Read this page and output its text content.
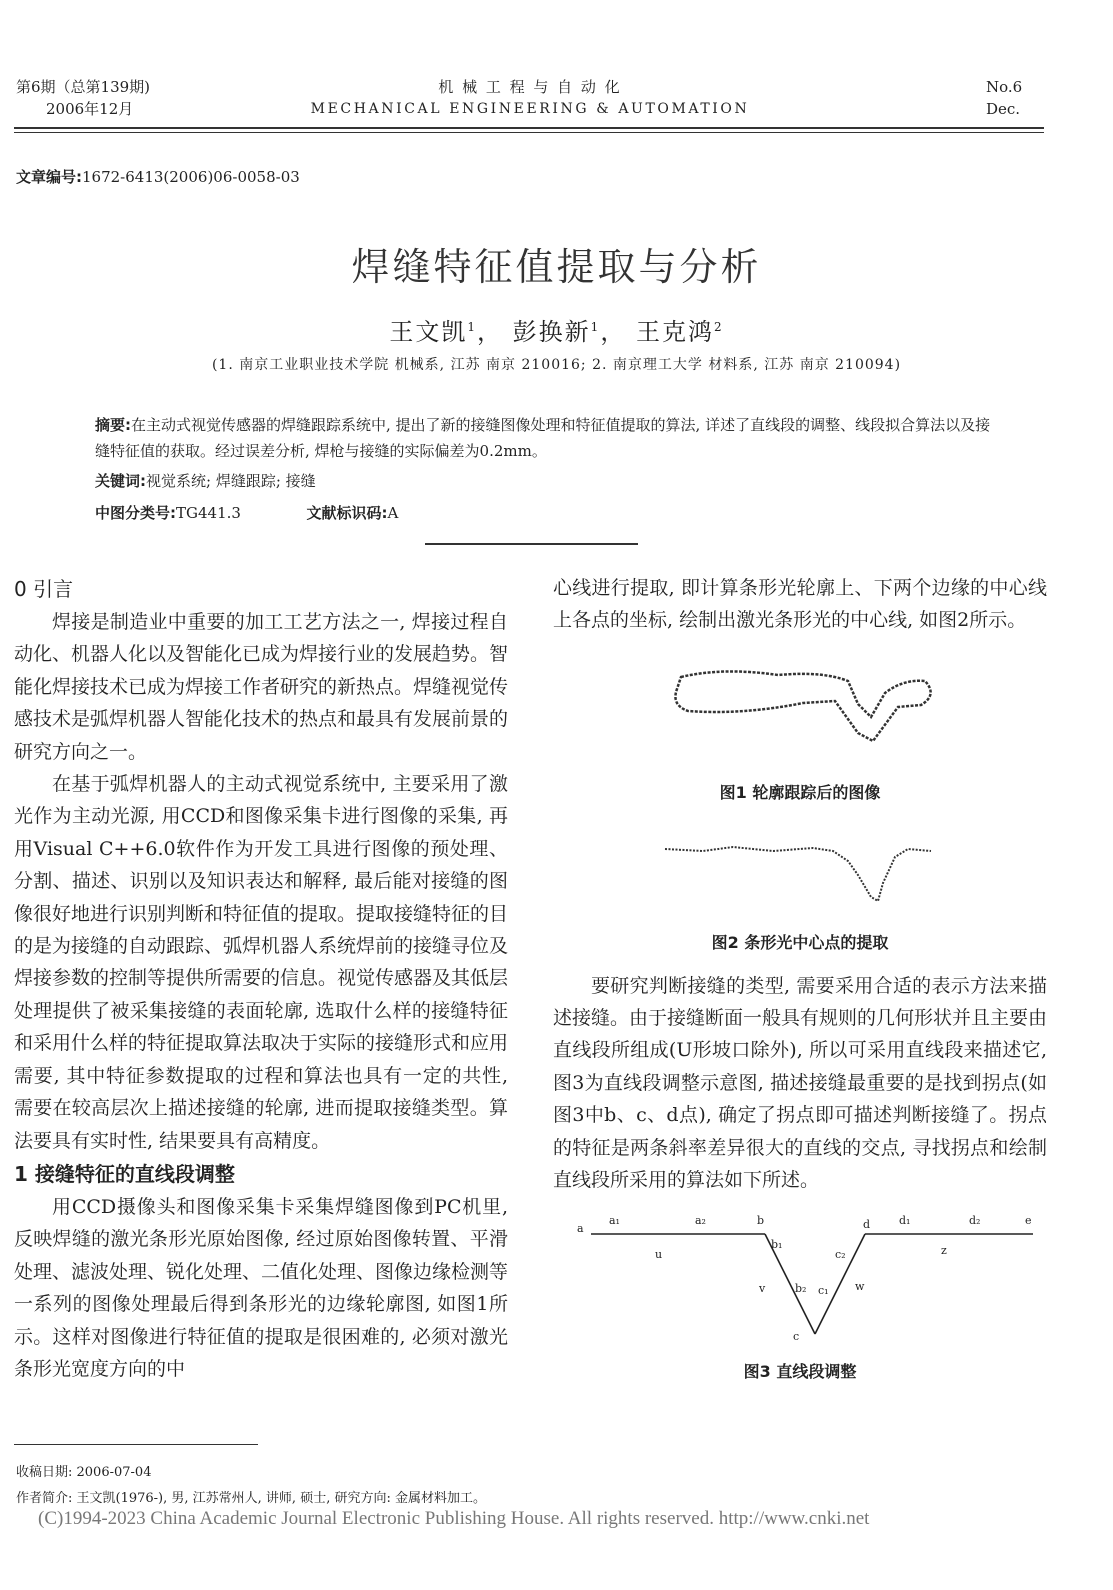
第6期（总第139期)
2006年12月
机 械 工 程 与 自 动 化
MECHANICAL ENGINEERING & AUTOMATION
No.6
Dec.
文章编号:1672-6413(2006)06-0058-03
焊缝特征值提取与分析
王文凯$^1$， 彭换新$^1$， 王克鸿$^2$
(1. 南京工业职业技术学院 机械系, 江苏 南京 210016; 2. 南京理工大学 材料系, 江苏 南京 210094)
摘要:在主动式视觉传感器的焊缝跟踪系统中, 提出了新的接缝图像处理和特征值提取的算法, 详述了直线段的调整、线段拟合算法以及接缝特征值的获取。经过误差分析, 焊枪与接缝的实际偏差为0.2mm。
关键词:视觉系统; 焊缝跟踪; 接缝
中图分类号:TG441.3	文献标识码:A
0 引言
焊接是制造业中重要的加工工艺方法之一, 焊接过程自动化、机器人化以及智能化已成为焊接行业的发展趋势。智能化焊接技术已成为焊接工作者研究的新热点。焊缝视觉传感技术是弧焊机器人智能化技术的热点和最具有发展前景的研究方向之一。
在基于弧焊机器人的主动式视觉系统中, 主要采用了激光作为主动光源, 用CCD和图像采集卡进行图像的采集, 再用Visual C++6.0软件作为开发工具进行图像的预处理、分割、描述、识别以及知识表达和解释, 最后能对接缝的图像很好地进行识别判断和特征值的提取。提取接缝特征的目的是为接缝的自动跟踪、弧焊机器人系统焊前的接缝寻位及焊接参数的控制等提供所需要的信息。视觉传感器及其低层处理提供了被采集接缝的表面轮廓, 选取什么样的接缝特征和采用什么样的特征提取算法取决于实际的接缝形式和应用需要, 其中特征参数提取的过程和算法也具有一定的共性, 需要在较高层次上描述接缝的轮廓, 进而提取接缝类型。算法要具有实时性, 结果要具有高精度。
1 接缝特征的直线段调整
用CCD摄像头和图像采集卡采集焊缝图像到PC机里, 反映焊缝的激光条形光原始图像, 经过原始图像转置、平滑处理、滤波处理、锐化处理、二值化处理、图像边缘检测等一系列的图像处理最后得到条形光的边缘轮廓图, 如图1所示。这样对图像进行特征值的提取是很困难的, 必须对激光条形光宽度方向的中
心线进行提取, 即计算条形光轮廓上、下两个边缘的中心线上各点的坐标, 绘制出激光条形光的中心线, 如图2所示。
图1 轮廓跟踪后的图像
图2 条形光中心点的提取
要研究判断接缝的类型, 需要采用合适的表示方法来描述接缝。由于接缝断面一般具有规则的几何形状并且主要由直线段所组成(U形坡口除外), 所以可采用直线段来描述它, 图3为直线段调整示意图, 描述接缝最重要的是找到拐点(如图3中b、c、d点), 确定了拐点即可描述判断接缝了。拐点的特征是两条斜率差异很大的直线的交点, 寻找拐点和绘制直线段所采用的算法如下所述。
a
a₁	a₂	b
b₁
u
v	b₂ c₁
c₂
w
c
d	d₁	d₂	e
z
图3 直线段调整
收稿日期: 2006-07-04
作者简介: 王文凯(1976-), 男, 江苏常州人, 讲师, 硕士, 研究方向: 金属材料加工。
(C)1994-2023 China Academic Journal Electronic Publishing House. All rights reserved. http://www.cnki.net
